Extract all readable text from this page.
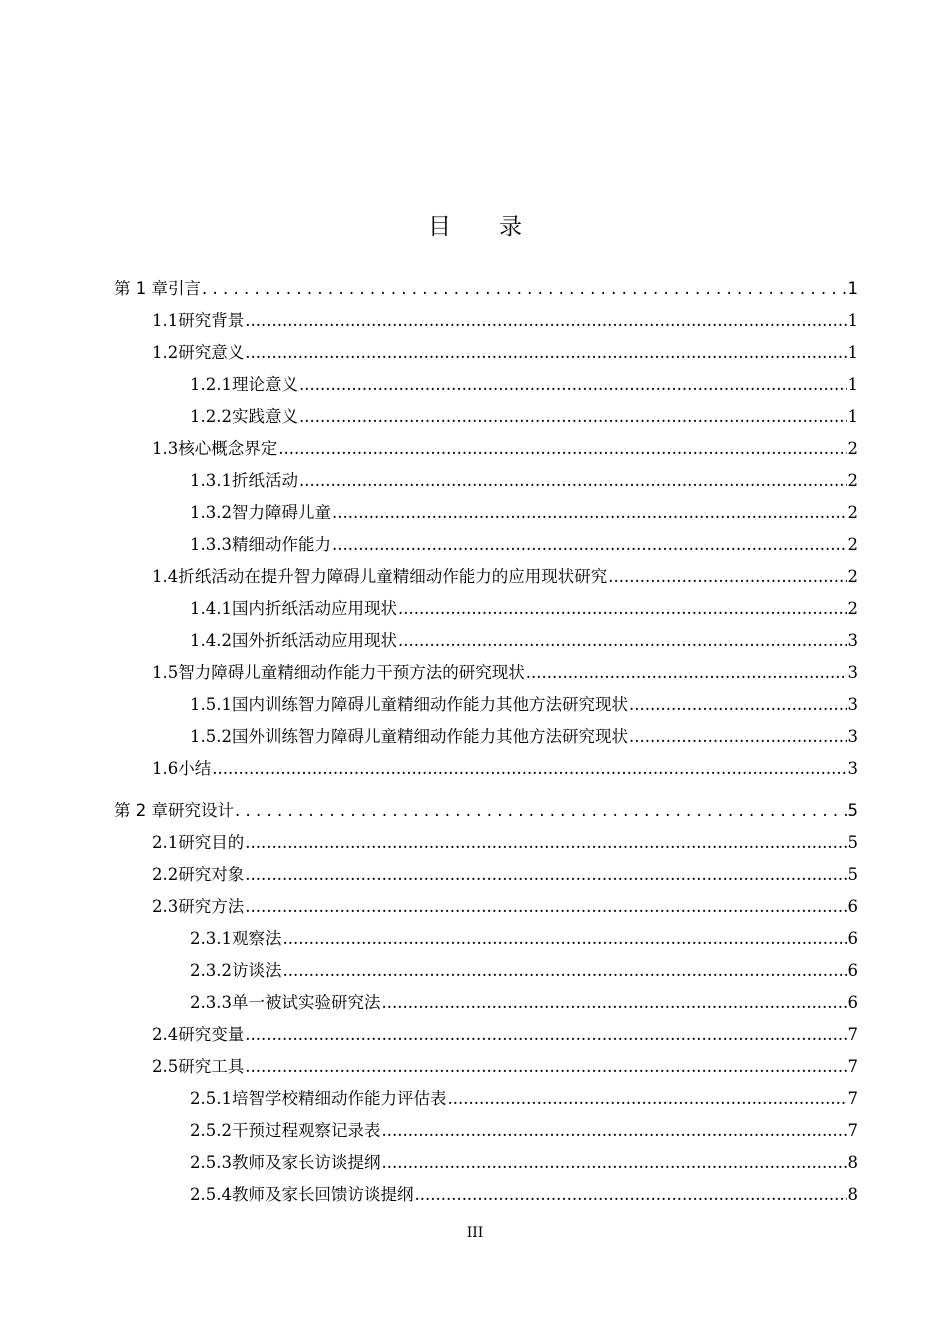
目 录
第 1 章 引言 . . .	1
1.1 研究背景 .....	1
1.2 研究意义 .....	1
1.2.1 理论意义 .....	1
1.2.2 实践意义 .....	1
1.3 核心概念界定 .....	2
1.3.1 折纸活动 .....	2
1.3.2 智力障碍儿童 .....	2
1.3.3 精细动作能力 .....	2
1.4 折纸活动在提升智力障碍儿童精细动作能力的应用现状研究 .....	2
1.4.1 国内折纸活动应用现状 .....	2
1.4.2 国外折纸活动应用现状 .....	3
1.5 智力障碍儿童精细动作能力干预方法的研究现状 .....	3
1.5.1 国内训练智力障碍儿童精细动作能力其他方法研究现状 .....	3
1.5.2 国外训练智力障碍儿童精细动作能力其他方法研究现状 .....	3
1.6 小结 .....	3
第 2 章 研究设计 . . .	5
2.1 研究目的 .....	5
2.2 研究对象 .....	5
2.3 研究方法 .....	6
2.3.1 观察法 .....	6
2.3.2 访谈法 .....	6
2.3.3 单一被试实验研究法 .....	6
2.4 研究变量 .....	7
2.5 研究工具 .....	7
2.5.1 培智学校精细动作能力评估表 .....	7
2.5.2 干预过程观察记录表 .....	7
2.5.3 教师及家长访谈提纲 .....	8
2.5.4 教师及家长回馈访谈提纲 .....	8
III
